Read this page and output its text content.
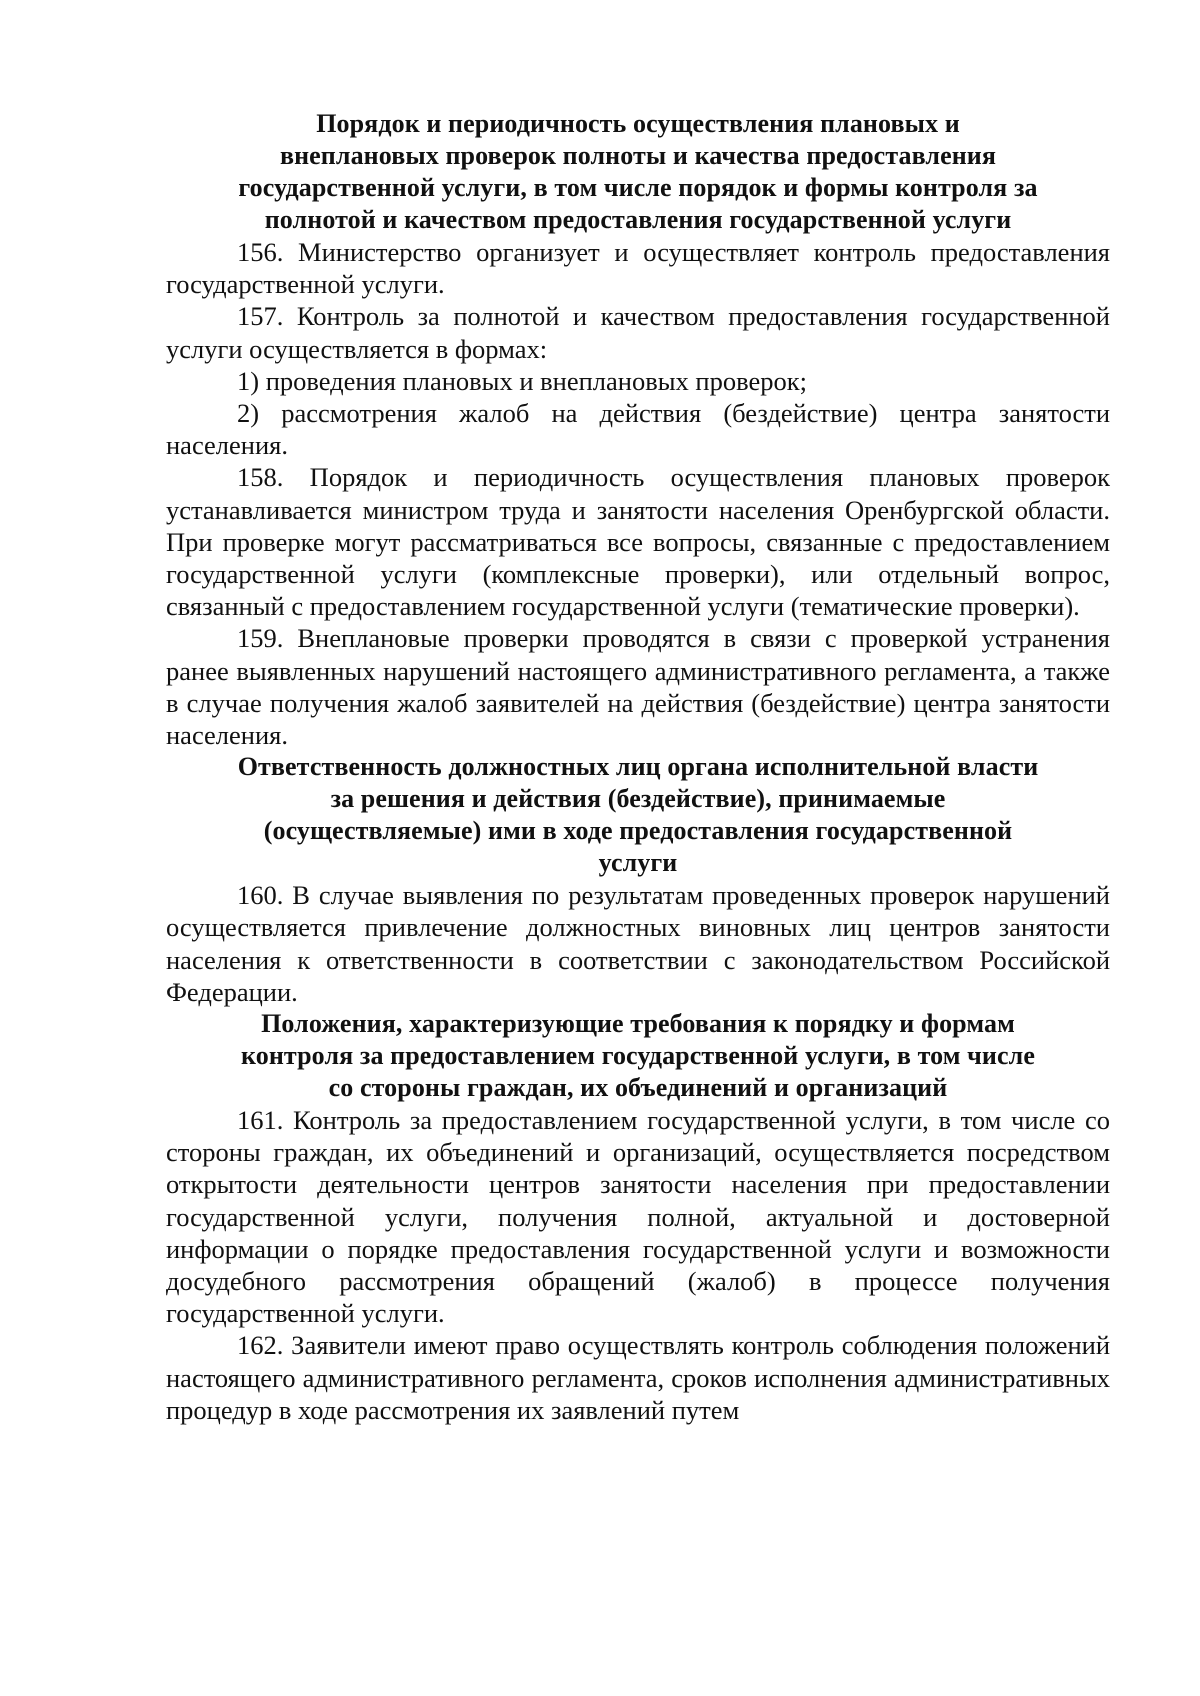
Порядок и периодичность осуществления плановых и
внеплановых проверок полноты и качества предоставления
государственной услуги, в том числе порядок и формы контроля за
полнотой и качеством предоставления государственной услуги

156. Министерство организует и осуществляет контроль предоставления государственной услуги.

157. Контроль за полнотой и качеством предоставления государственной услуги осуществляется в формах:

1) проведения плановых и внеплановых проверок;

2) рассмотрения жалоб на действия (бездействие) центра занятости населения.

158. Порядок и периодичность осуществления плановых проверок устанавливается министром труда и занятости населения Оренбургской области. При проверке могут рассматриваться все вопросы, связанные с предоставлением государственной услуги (комплексные проверки), или отдельный вопрос, связанный с предоставлением государственной услуги (тематические проверки).

159. Внеплановые проверки проводятся в связи с проверкой устранения ранее выявленных нарушений настоящего административного регламента, а также в случае получения жалоб заявителей на действия (бездействие) центра занятости населения.

Ответственность должностных лиц органа исполнительной власти
за решения и действия (бездействие), принимаемые
(осуществляемые) ими в ходе предоставления государственной
услуги

160. В случае выявления по результатам проведенных проверок нарушений осуществляется привлечение должностных виновных лиц центров занятости населения к ответственности в соответствии с законодательством Российской Федерации.

Положения, характеризующие требования к порядку и формам
контроля за предоставлением государственной услуги, в том числе
со стороны граждан, их объединений и организаций

161. Контроль за предоставлением государственной услуги, в том числе со стороны граждан, их объединений и организаций, осуществляется посредством открытости деятельности центров занятости населения при предоставлении государственной услуги, получения полной, актуальной и достоверной информации о порядке предоставления государственной услуги и возможности досудебного рассмотрения обращений (жалоб) в процессе получения государственной услуги.

162. Заявители имеют право осуществлять контроль соблюдения положений настоящего административного регламента, сроков исполнения административных процедур в ходе рассмотрения их заявлений путем
